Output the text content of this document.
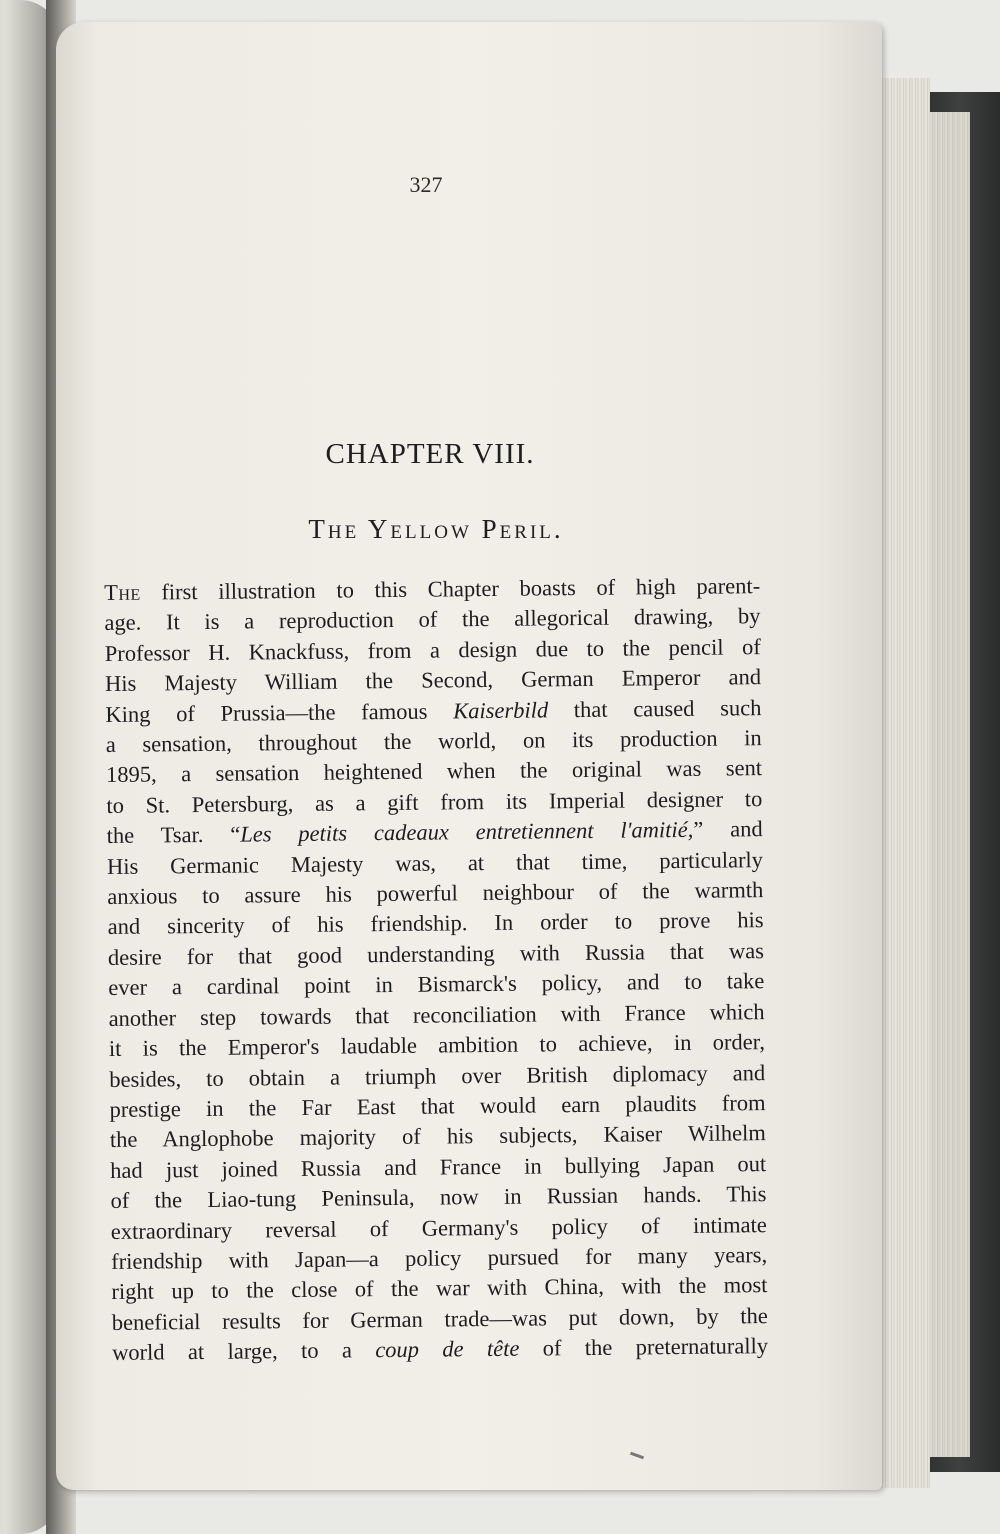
327
CHAPTER VIII.
The Yellow Peril.
The first illustration to this Chapter boasts of high parent-
age. It is a reproduction of the allegorical drawing, by
Professor H. Knackfuss, from a design due to the pencil of
His Majesty William the Second, German Emperor and
King of Prussia—the famous Kaiserbild that caused such
a sensation, throughout the world, on its production in
1895, a sensation heightened when the original was sent
to St. Petersburg, as a gift from its Imperial designer to
the Tsar. “Les petits cadeaux entretiennent l'amitié,” and
His Germanic Majesty was, at that time, particularly
anxious to assure his powerful neighbour of the warmth
and sincerity of his friendship. In order to prove his
desire for that good understanding with Russia that was
ever a cardinal point in Bismarck's policy, and to take
another step towards that reconciliation with France which
it is the Emperor's laudable ambition to achieve, in order,
besides, to obtain a triumph over British diplomacy and
prestige in the Far East that would earn plaudits from
the Anglophobe majority of his subjects, Kaiser Wilhelm
had just joined Russia and France in bullying Japan out
of the Liao-tung Peninsula, now in Russian hands. This
extraordinary reversal of Germany's policy of intimate
friendship with Japan—a policy pursued for many years,
right up to the close of the war with China, with the most
beneficial results for German trade—was put down, by the
world at large, to a coup de tête of the preternaturally
